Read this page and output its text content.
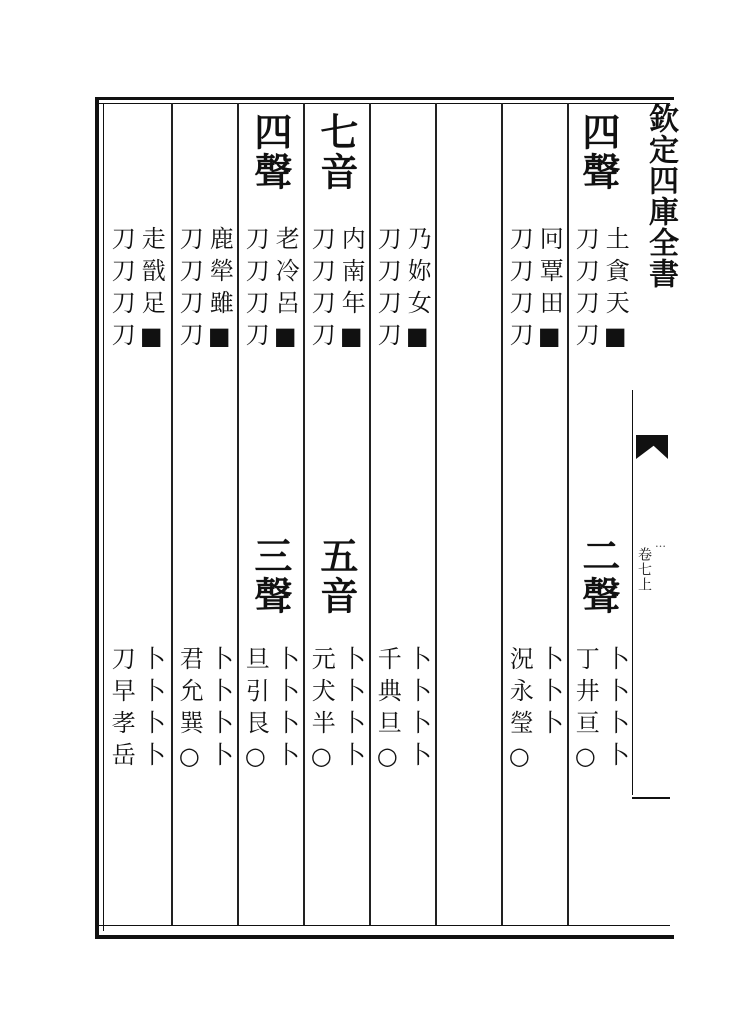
走戩足■
刀刀刀刀
卜卜卜卜
刀早孝岳
鹿犖雖■
刀刀刀刀
卜卜卜卜
君允巽○
四聲
老冷呂■
刀刀刀刀
三聲
卜卜卜卜
旦引艮○
七音
内南年■
刀刀刀刀
五音
卜卜卜卜
元犬半○
乃妳女■
刀刀刀刀
卜卜卜卜
千典旦○
冋覃田■
刀刀刀刀
卜卜卜
況永瑩○
四聲
土貪天■
刀刀刀刀
二聲
卜卜卜卜
丁井亘○
欽定四庫全書
卷七上
…
